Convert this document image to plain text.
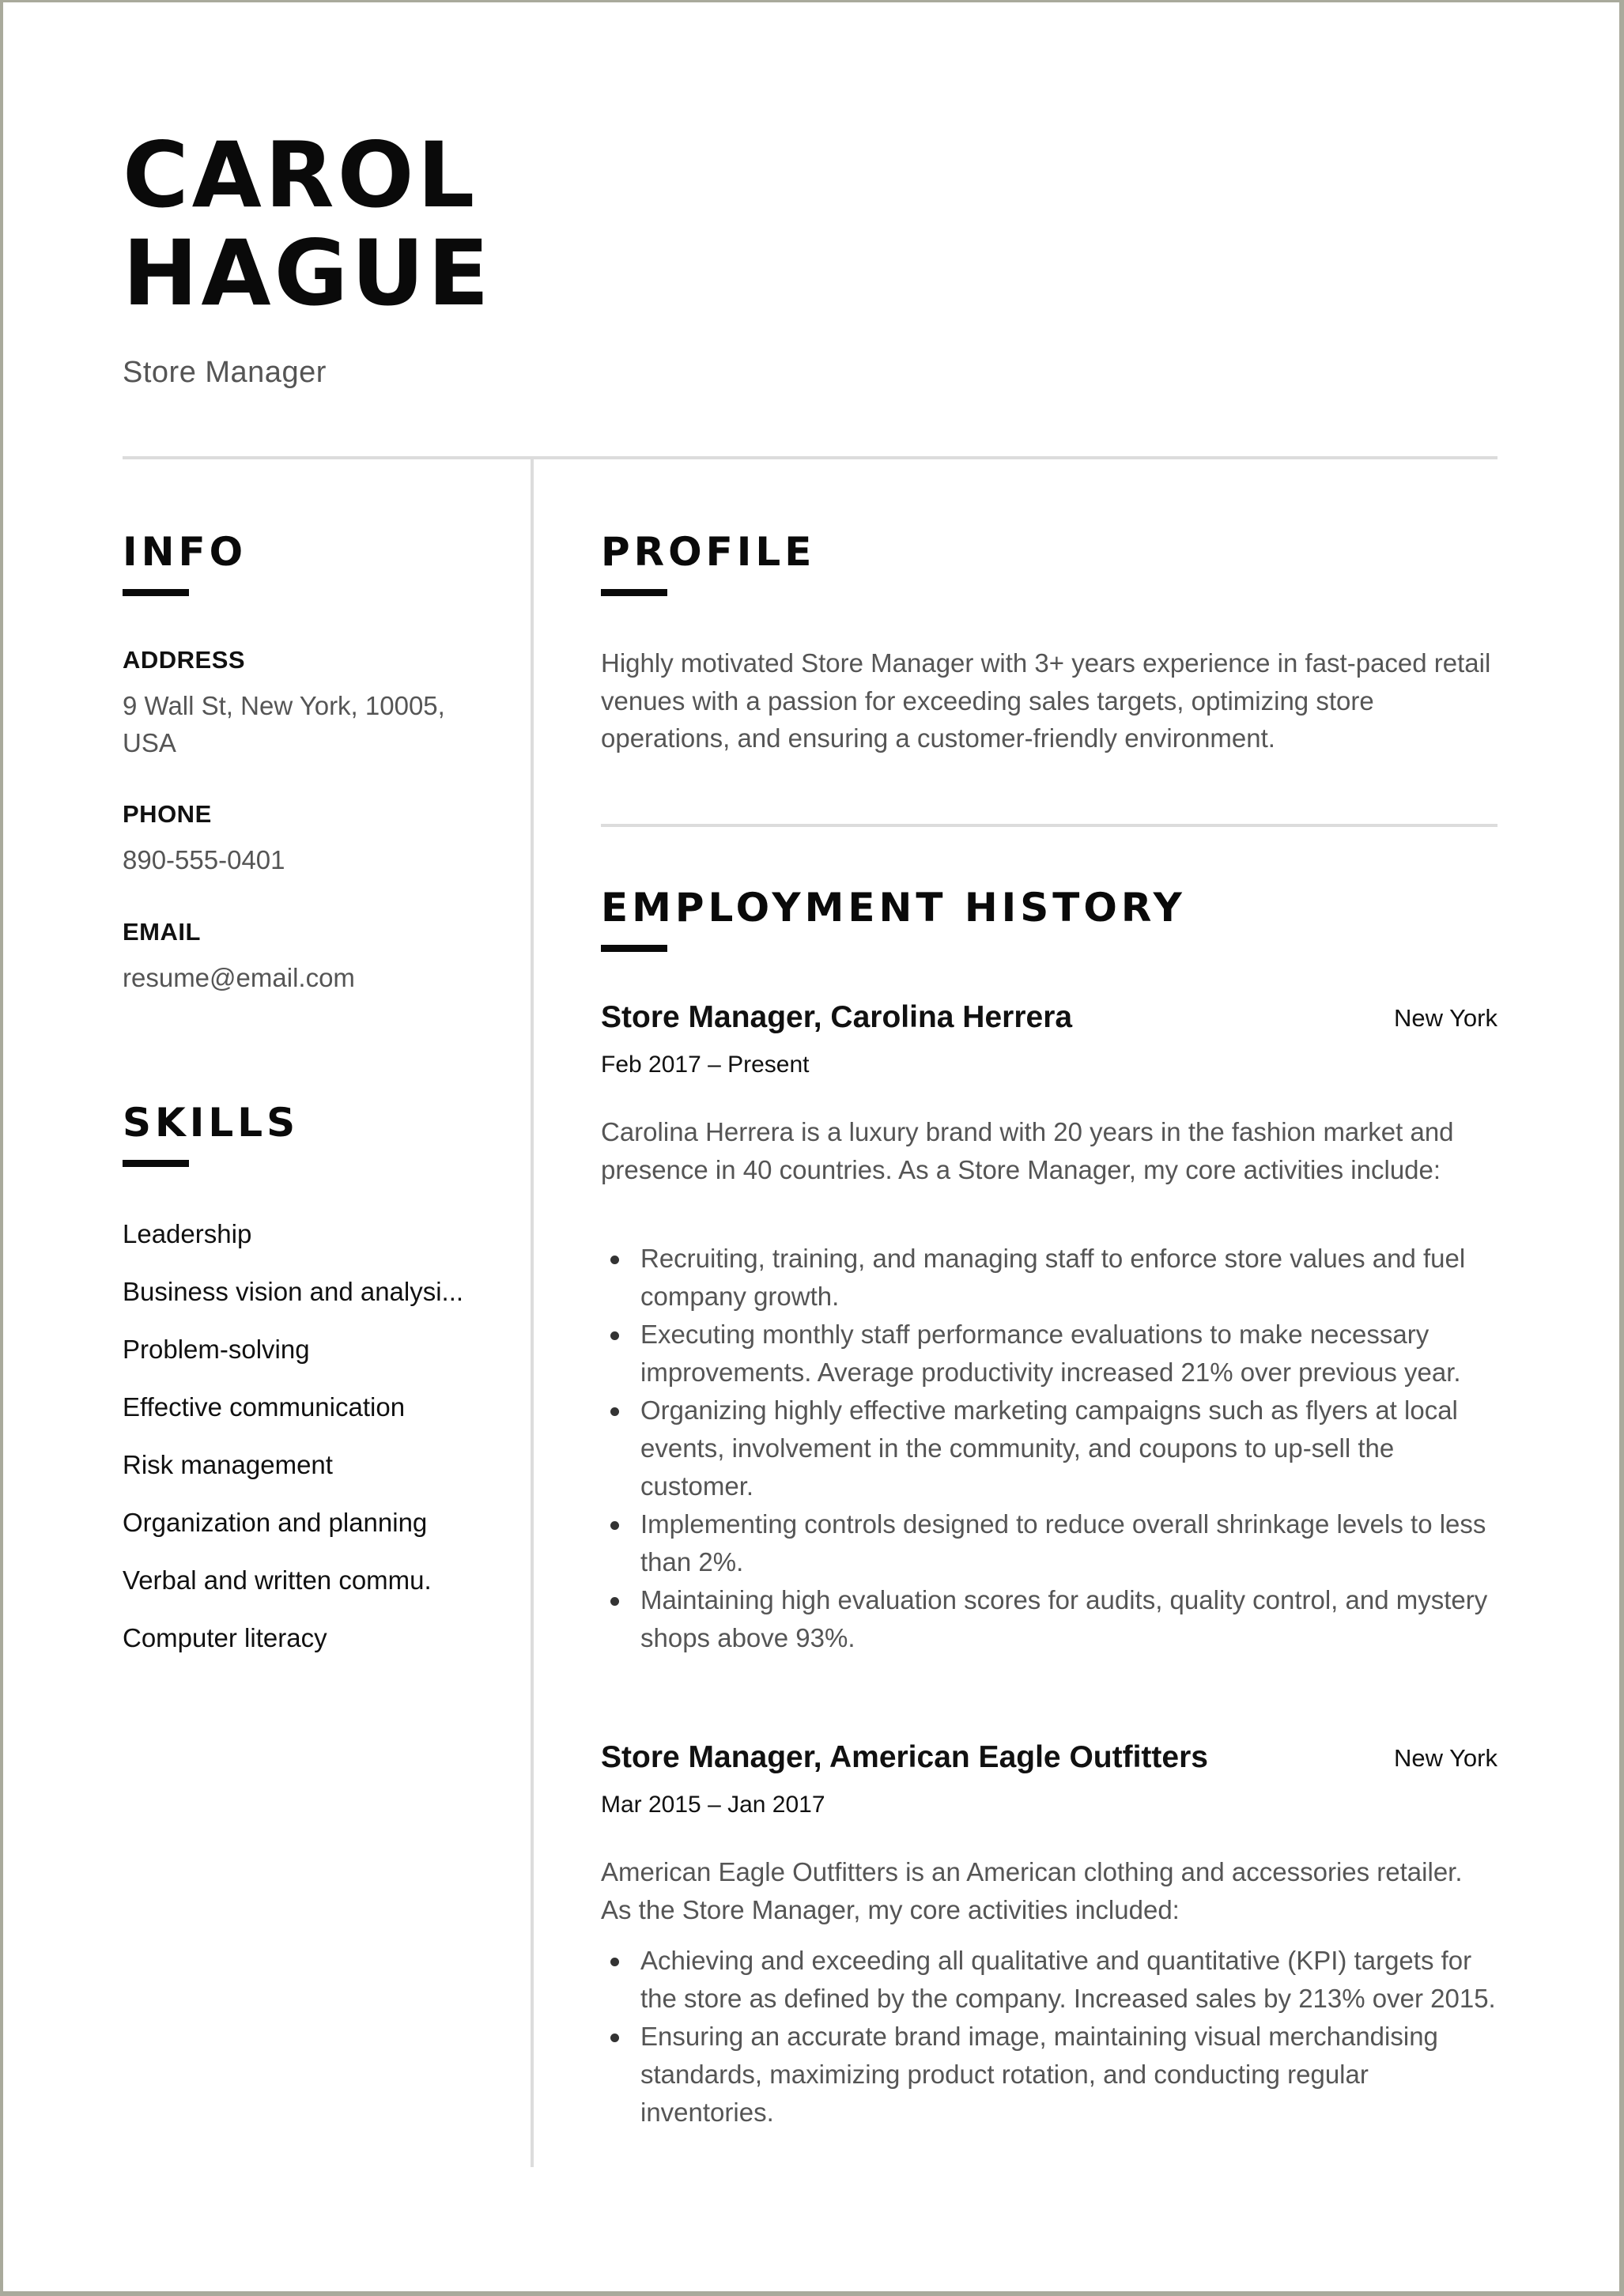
CAROL
HAGUE
Store Manager
INFO
ADDRESS
9 Wall St, New York, 10005,
USA
PHONE
890-555-0401
EMAIL
resume@email.com
SKILLS
Leadership
Business vision and analysi...
Problem-solving
Effective communication
Risk management
Organization and planning
Verbal and written commu.
Computer literacy
PROFILE

Highly motivated Store Manager with 3+ years experience in fast-paced retail venues with a passion for exceeding sales targets, optimizing store operations, and ensuring a customer-friendly environment.

EMPLOYMENT HISTORY
Store Manager, Carolina Herrera	New York
Feb 2017 – Present

Carolina Herrera is a luxury brand with 20 years in the fashion market and presence in 40 countries. As a Store Manager, my core activities include:

Recruiting, training, and managing staff to enforce store values and fuel company growth.
Executing monthly staff performance evaluations to make necessary improvements. Average productivity increased 21% over previous year.
Organizing highly effective marketing campaigns such as flyers at local events, involvement in the community, and coupons to up-sell the customer.
Implementing controls designed to reduce overall shrinkage levels to less than 2%.
Maintaining high evaluation scores for audits, quality control, and mystery shops above 93%.
Store Manager, American Eagle Outfitters	New York
Mar 2015 – Jan 2017

American Eagle Outfitters is an American clothing and accessories retailer. As the Store Manager, my core activities included:

Achieving and exceeding all qualitative and quantitative (KPI) targets for the store as defined by the company. Increased sales by 213% over 2015.
Ensuring an accurate brand image, maintaining visual merchandising standards, maximizing product rotation, and conducting regular inventories.
